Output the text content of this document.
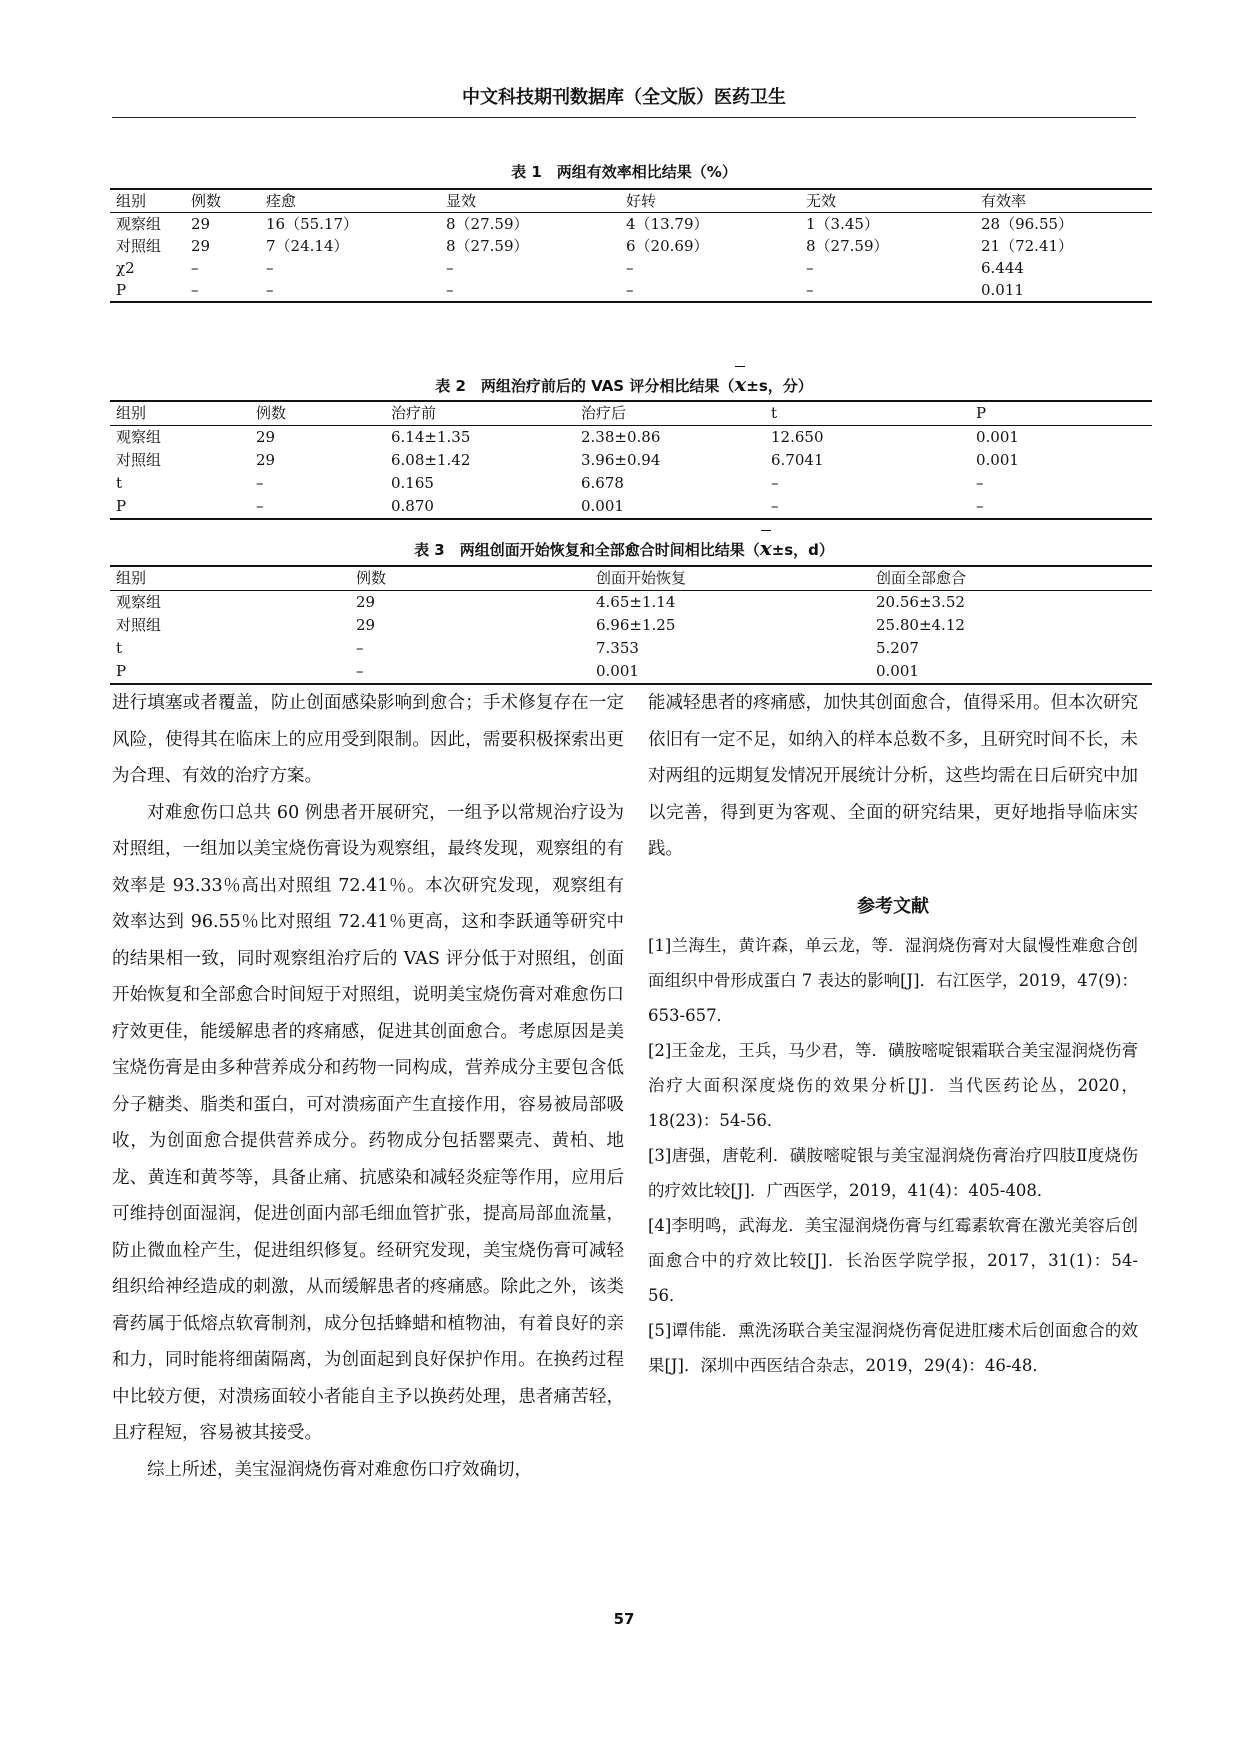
中文科技期刊数据库（全文版）医药卫生
表 1　两组有效率相比结果（%）
组别	例数	痊愈	显效	好转	无效	有效率
观察组	29	16（55.17）	8（27.59）	4（13.79）	1（3.45）	28（96.55）
对照组	29	7（24.14）	8（27.59）	6（20.69）	8（27.59）	21（72.41）
χ2	–	–	–	–	–	6.444
P	–	–	–	–	–	0.011
表 2　两组治疗前后的 VAS 评分相比结果（x±s，分）
组别	例数	治疗前	治疗后	t	P
观察组	29	6.14±1.35	2.38±0.86	12.650	0.001
对照组	29	6.08±1.42	3.96±0.94	6.7041	0.001
t	–	0.165	6.678	–	–
P	–	0.870	0.001	–	–
表 3　两组创面开始恢复和全部愈合时间相比结果（x±s，d）
组别	例数	创面开始恢复	创面全部愈合
观察组	29	4.65±1.14	20.56±3.52
对照组	29	6.96±1.25	25.80±4.12
t	–	7.353	5.207
P	–	0.001	0.001

进行填塞或者覆盖，防止创面感染影响到愈合；手术修复存在一定风险，使得其在临床上的应用受到限制。因此，需要积极探索出更为合理、有效的治疗方案。

对难愈伤口总共 60 例患者开展研究，一组予以常规治疗设为对照组，一组加以美宝烧伤膏设为观察组，最终发现，观察组的有效率是 93.33％高出对照组 72.41％。本次研究发现，观察组有效率达到 96.55％比对照组 72.41％更高，这和李跃通等研究中的结果相一致，同时观察组治疗后的 VAS 评分低于对照组，创面开始恢复和全部愈合时间短于对照组，说明美宝烧伤膏对难愈伤口疗效更佳，能缓解患者的疼痛感，促进其创面愈合。考虑原因是美宝烧伤膏是由多种营养成分和药物一同构成，营养成分主要包含低分子糖类、脂类和蛋白，可对溃疡面产生直接作用，容易被局部吸收，为创面愈合提供营养成分。药物成分包括罂粟壳、黄柏、地龙、黄连和黄芩等，具备止痛、抗感染和减轻炎症等作用，应用后可维持创面湿润，促进创面内部毛细血管扩张，提高局部血流量，防止微血栓产生，促进组织修复。经研究发现，美宝烧伤膏可减轻组织给神经造成的刺激，从而缓解患者的疼痛感。除此之外，该类膏药属于低熔点软膏制剂，成分包括蜂蜡和植物油，有着良好的亲和力，同时能将细菌隔离，为创面起到良好保护作用。在换药过程中比较方便，对溃疡面较小者能自主予以换药处理，患者痛苦轻，且疗程短，容易被其接受。

综上所述，美宝湿润烧伤膏对难愈伤口疗效确切，

能减轻患者的疼痛感，加快其创面愈合，值得采用。但本次研究依旧有一定不足，如纳入的样本总数不多，且研究时间不长，未对两组的远期复发情况开展统计分析，这些均需在日后研究中加以完善，得到更为客观、全面的研究结果，更好地指导临床实践。

参考文献

[1]兰海生，黄许森，单云龙，等．湿润烧伤膏对大鼠慢性难愈合创面组织中骨形成蛋白 7 表达的影响[J]．右江医学，2019，47(9)：653-657．

[2]王金龙，王兵，马少君，等．磺胺嘧啶银霜联合美宝湿润烧伤膏治疗大面积深度烧伤的效果分析[J]．当代医药论丛，2020，18(23)：54-56．

[3]唐强，唐乾利．磺胺嘧啶银与美宝湿润烧伤膏治疗四肢Ⅱ度烧伤的疗效比较[J]．广西医学，2019，41(4)：405-408．

[4]李明鸣，武海龙．美宝湿润烧伤膏与红霉素软膏在激光美容后创面愈合中的疗效比较[J]．长治医学院学报，2017，31(1)：54-56．

[5]谭伟能．熏洗汤联合美宝湿润烧伤膏促进肛瘘术后创面愈合的效果[J]．深圳中西医结合杂志，2019，29(4)：46-48．

57
